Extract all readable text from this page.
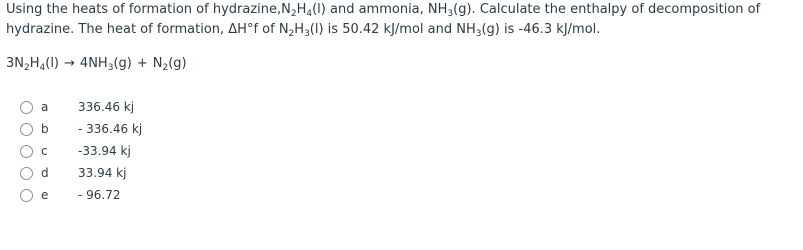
Using the heats of formation of $hydrazine,N_2H_4(l)$ and ammonia, $NH_3(g)$. Calculate the enthalpy of decomposition of hydrazine. The heat of formation, ΔH°f of $N_2H_3(l)$ is 50.42 kJ/mol and $NH_3(g)$ is -46.3 kJ/mol.

$3N_2H_4(l) \to 4NH_3(g) + N_2(g)$
a	336.46 kj
b	- 336.46 kj
c	-33.94 kj
d	33.94 kj
e	- 96.72
